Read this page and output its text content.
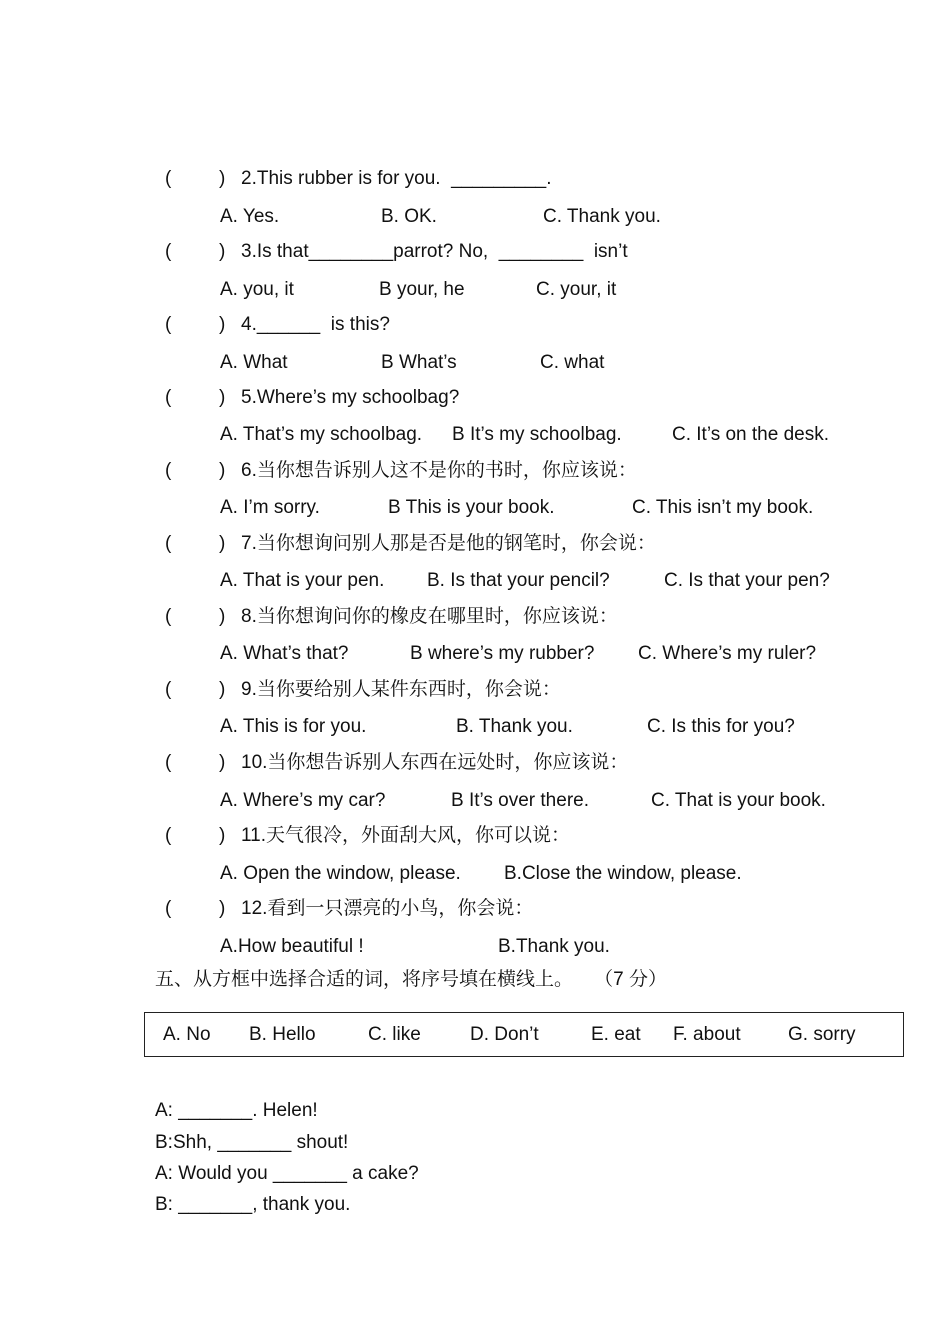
(	) 2.This rubber is for you.  _________.
A. Yes.	B. OK.	C. Thank you.
(	) 3.Is that________parrot? No,  ________  isn’t
A. you, it	B your, he	C. your, it
(	) 4.______  is this?
A. What	B What’s	C. what
(	) 5.Where’s my schoolbag?
A. That’s my schoolbag. B It’s my schoolbag.	C. It’s on the desk.
(	) 6.当你想告诉别人这不是你的书时，你应该说：
A. I’m sorry.	B This is your book.	C. This isn’t my book.
(	) 7.当你想询问别人那是否是他的钢笔时，你会说：
A. That is your pen. B. Is that your pencil?	C. Is that your pen?
(	) 8.当你想询问你的橡皮在哪里时，你应该说：
A. What’s that?	B where’s my rubber? C. Where’s my ruler?
(	) 9.当你要给别人某件东西时，你会说：
A. This is for you.	B. Thank you.	C. Is this for you?
(	) 10.当你想告诉别人东西在远处时，你应该说：
A. Where’s my car?	B It’s over there.	C. That is your book.
(	) 11.天气很冷，外面刮大风，你可以说：
A. Open the window, please. B.Close the window, please.
(	) 12.看到一只漂亮的小鸟，你会说：
A.How beautiful !	B.Thank you.
五、从方框中选择合适的词，将序号填在横线上。    （7 分）
A. No B. Hello	C. like	D. Don’t	E. eat F. about G. sorry
A: _______. Helen!
B:Shh, _______ shout!
A: Would you _______ a cake?
B: _______, thank you.
